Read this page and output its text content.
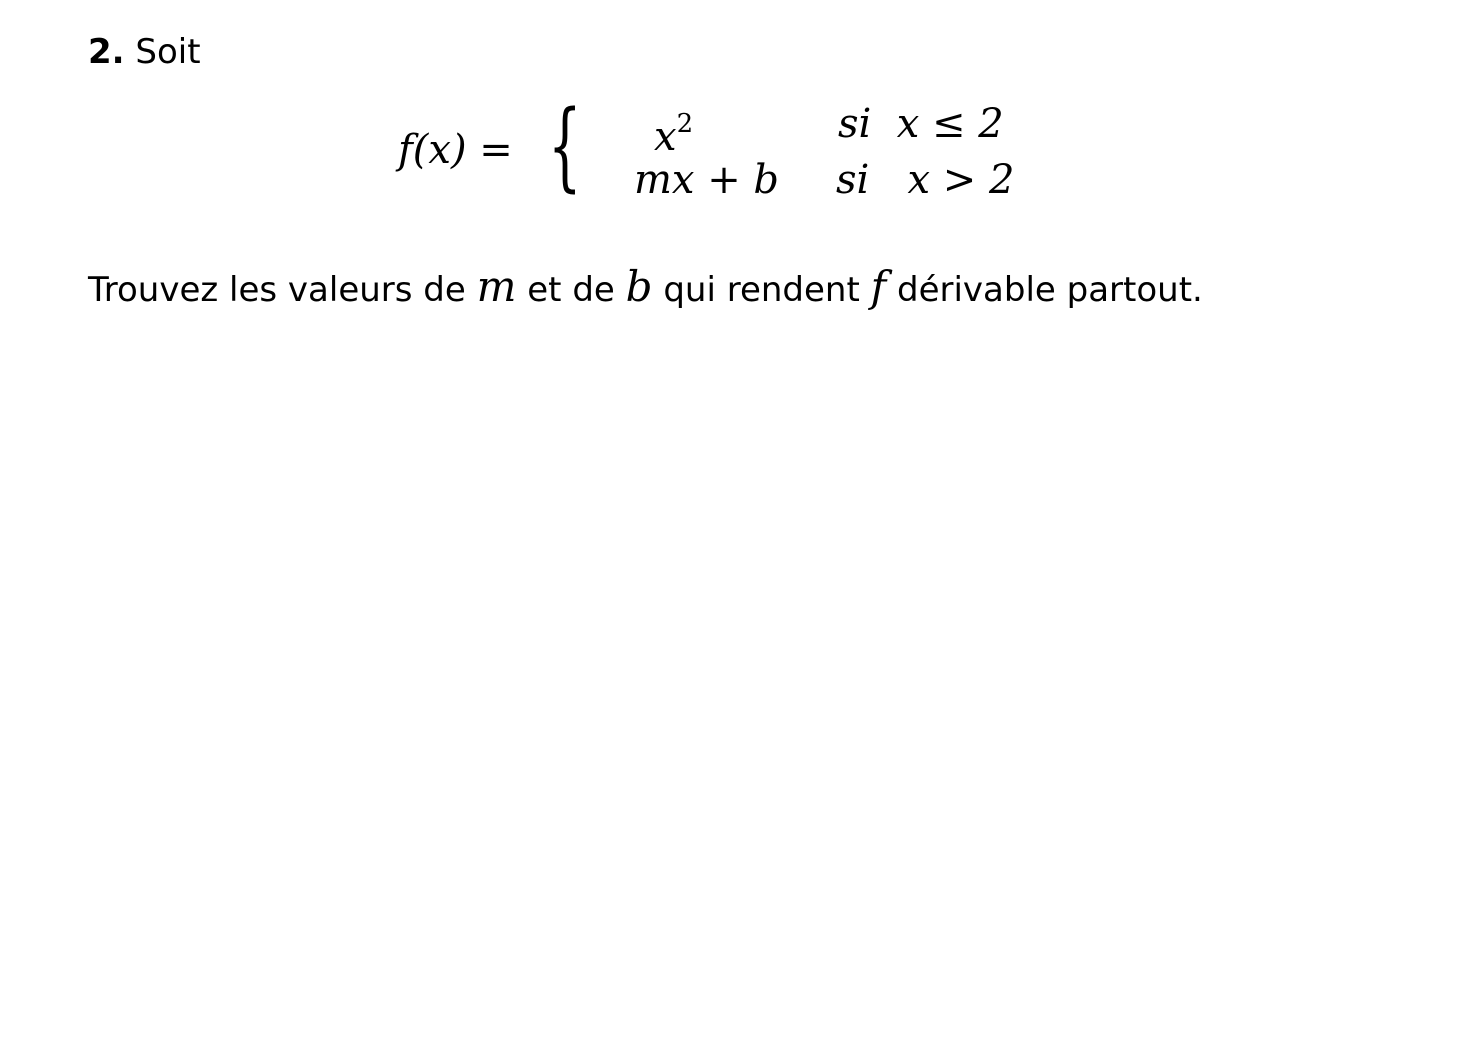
2. Soit
f(x) = { $x^2$	si x ≤ 2
mx + b si x > 2
Trouvez les valeurs de m et de b qui rendent f dérivable partout.
